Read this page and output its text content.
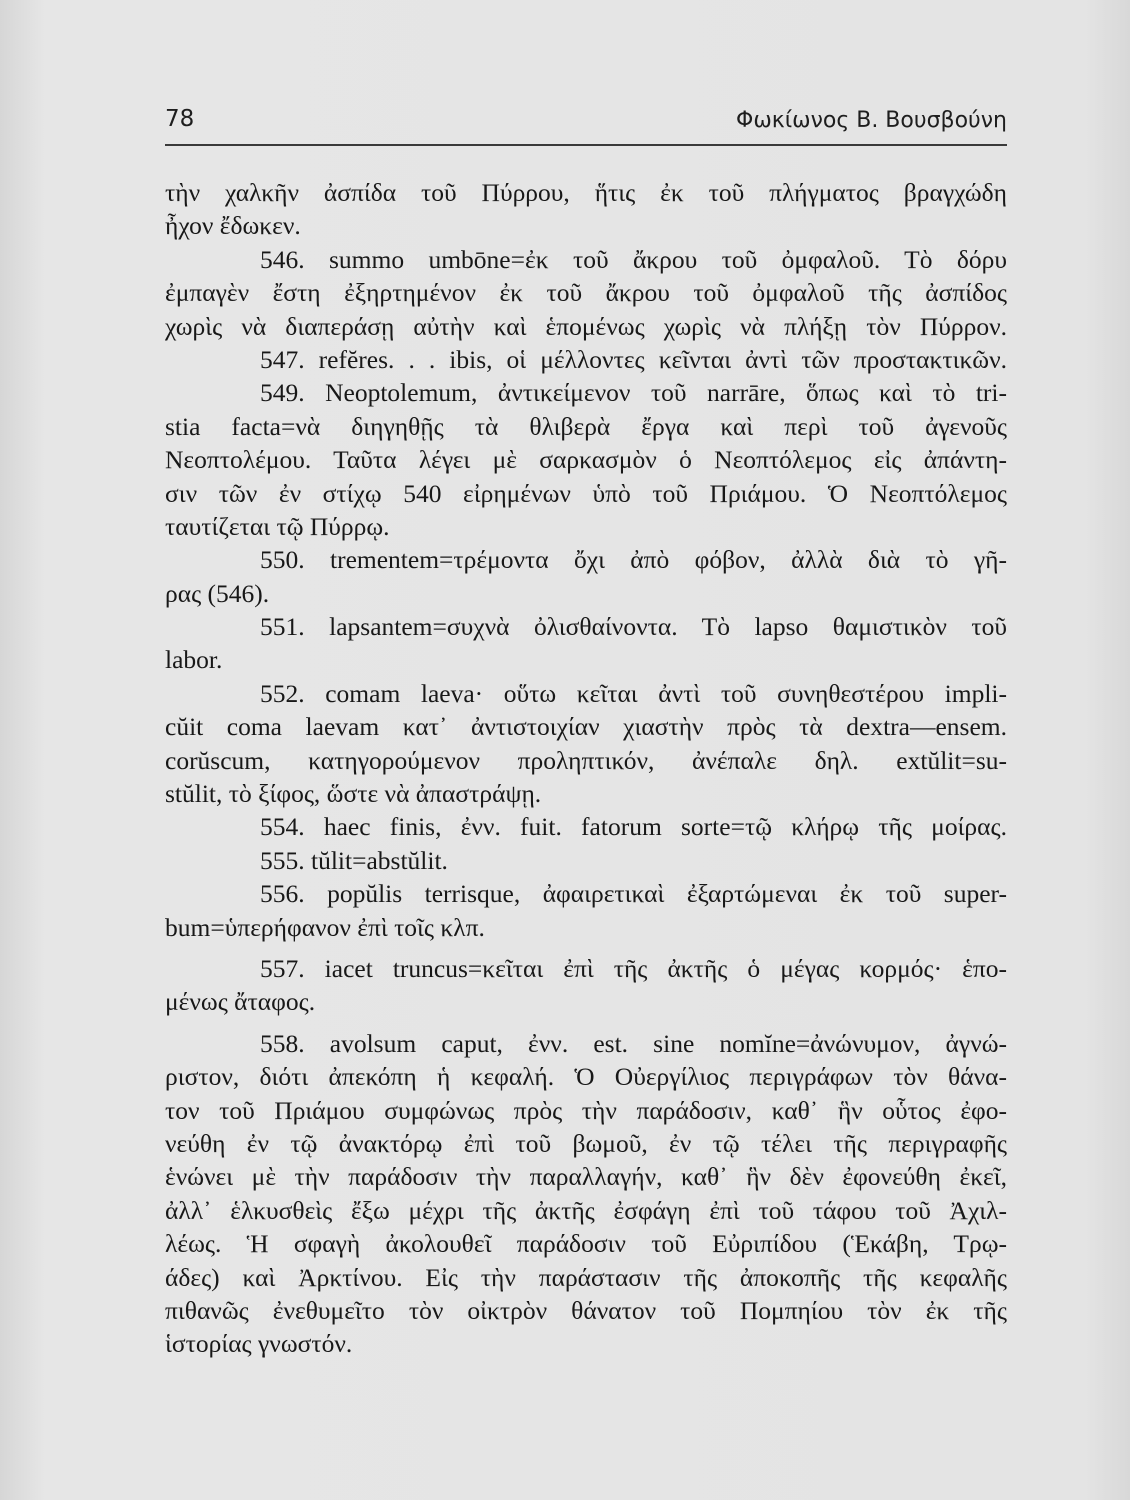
78	Φωκίωνος Β. Βουσβούνη
τὴν χαλκῆν ἀσπίδα τοῦ Πύρρου, ἥτις ἐκ τοῦ πλήγματος βραγχώδη
ἦχον ἔδωκεν.
546. summo umbōne=ἐκ τοῦ ἄκρου τοῦ ὀμφαλοῦ. Τὸ δόρυ
ἐμπαγὲν ἔστη ἐξηρτημένον ἐκ τοῦ ἄκρου τοῦ ὀμφαλοῦ τῆς ἀσπίδος
χωρὶς νὰ διαπεράσῃ αὐτὴν καὶ ἑπομένως χωρὶς νὰ πλήξῃ τὸν Πύρρον.
547. refĕres. . . ibis, οἱ μέλλοντες κεῖνται ἀντὶ τῶν προστακτικῶν.
549. Neoptolemum, ἀντικείμενον τοῦ narrāre, ὅπως καὶ τὸ tri-
stia facta=νὰ διηγηθῇς τὰ θλιβερὰ ἔργα καὶ περὶ τοῦ ἀγενοῦς
Νεοπτολέμου. Ταῦτα λέγει μὲ σαρκασμὸν ὁ Νεοπτόλεμος εἰς ἀπάντη-
σιν τῶν ἐν στίχῳ 540 εἰρημένων ὑπὸ τοῦ Πριάμου. Ὁ Νεοπτόλεμος
ταυτίζεται τῷ Πύρρῳ.
550. trementem=τρέμοντα ὄχι ἀπὸ φόβον, ἀλλὰ διὰ τὸ γῆ-
ρας (546).
551. lapsantem=συχνὰ ὀλισθαίνοντα. Τὸ lapso θαμιστικὸν τοῦ
labor.
552. comam laeva· οὕτω κεῖται ἀντὶ τοῦ συνηθεστέρου impli-
cŭit coma laevam κατ᾿ ἀντιστοιχίαν χιαστὴν πρὸς τὰ dextra—ensem.
corŭscum, κατηγορούμενον προληπτικόν, ἀνέπαλε δηλ. extŭlit=su-
stŭlit, τὸ ξίφος, ὥστε νὰ ἀπαστράψῃ.
554. haec finis, ἐνν. fuit. fatorum sorte=τῷ κλήρῳ τῆς μοίρας.
555. tŭlit=abstŭlit.
556. popŭlis terrisque, ἀφαιρετικαὶ ἐξαρτώμεναι ἐκ τοῦ super-
bum=ὑπερήφανον ἐπὶ τοῖς κλπ.
557. iacet truncus=κεῖται ἐπὶ τῆς ἀκτῆς ὁ μέγας κορμός· ἑπο-
μένως ἄταφος.
558. avolsum caput, ἐνν. est. sine nomĭne=ἀνώνυμον, ἀγνώ-
ριστον, διότι ἀπεκόπη ἡ κεφαλή. Ὁ Οὐεργίλιος περιγράφων τὸν θάνα-
τον τοῦ Πριάμου συμφώνως πρὸς τὴν παράδοσιν, καθ᾿ ἣν οὗτος ἐφο-
νεύθη ἐν τῷ ἀνακτόρῳ ἐπὶ τοῦ βωμοῦ, ἐν τῷ τέλει τῆς περιγραφῆς
ἑνώνει μὲ τὴν παράδοσιν τὴν παραλλαγήν, καθ᾿ ἣν δὲν ἐφονεύθη ἐκεῖ,
ἀλλ᾿ ἑλκυσθεὶς ἔξω μέχρι τῆς ἀκτῆς ἐσφάγη ἐπὶ τοῦ τάφου τοῦ Ἀχιλ-
λέως. Ἡ σφαγὴ ἀκολουθεῖ παράδοσιν τοῦ Εὐριπίδου (Ἑκάβη, Τρῳ-
άδες) καὶ Ἀρκτίνου. Εἰς τὴν παράστασιν τῆς ἀποκοπῆς τῆς κεφαλῆς
πιθανῶς ἐνεθυμεῖτο τὸν οἰκτρὸν θάνατον τοῦ Πομπηίου τὸν ἐκ τῆς
ἱστορίας γνωστόν.
